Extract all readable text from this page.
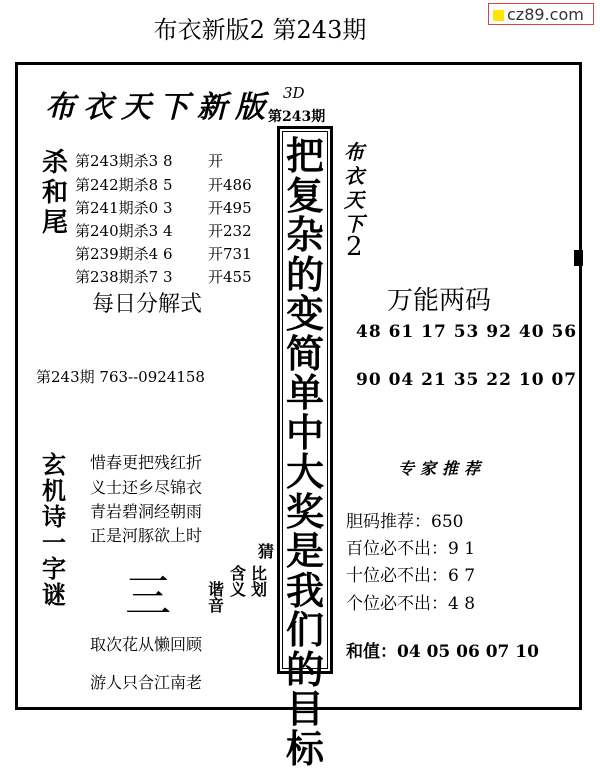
布衣新版2 第243期
cz89.com
布衣天下新版 3D
第243期
杀
和
尾
第243期杀3 8 开
第242期杀8 5 开486
第241期杀0 3 开495
第240期杀3 4 开232
第239期杀4 6 开731
第238期杀7 3 开455
每日分解式
第243期 763--0924158
玄
机
诗
一
字
谜
惜春更把残红折
义士还乡尽锦衣
青岩碧洞经朝雨
正是河豚欲上时
三 谐
音
含
义
比
划
猜
取次花从懒回顾
游人只合江南老
把
复
杂
的
变
简
单
中
大
奖
是
我
们
的
目
标
布
衣
天
下
2
万能两码
48 61 17 53 92 40 56
90 04 21 35 22 10 07
专家推荐
胆码推荐：650
百位必不出：9 1
十位必不出：6 7
个位必不出：4 8
和值：04 05 06 07 10
